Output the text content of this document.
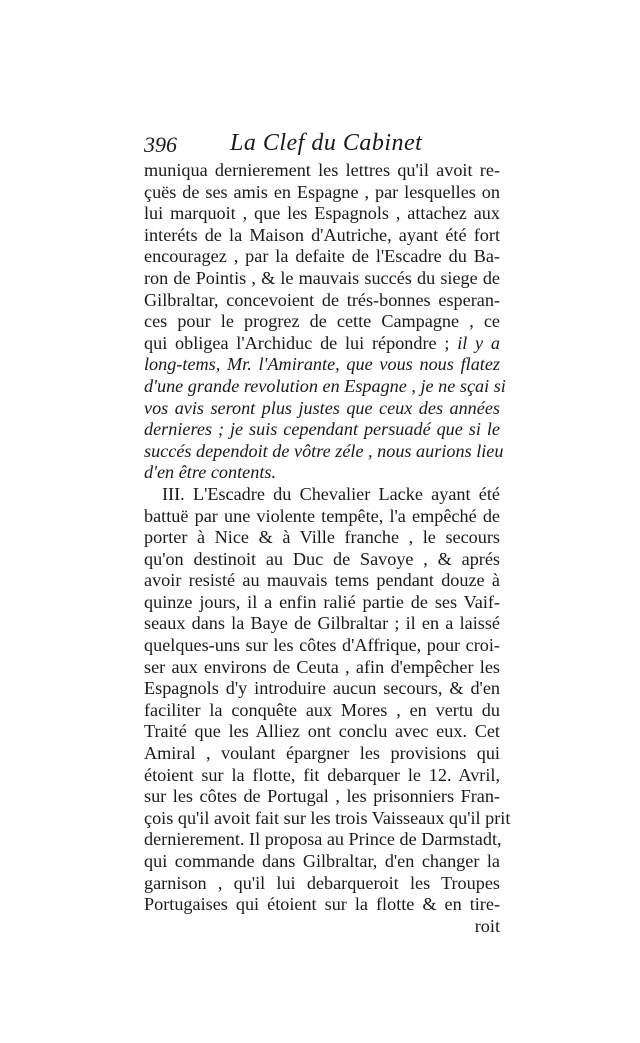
396 La Clef du Cabinet
muniqua dernierement les lettres qu'il avoit re-
çuës de ses amis en Espagne , par lesquelles on
lui marquoit , que les Espagnols , attachez aux
interéts de la Maison d'Autriche, ayant été fort
encouragez , par la defaite de l'Escadre du Ba-
ron de Pointis , & le mauvais succés du siege de
Gilbraltar, concevoient de trés-bonnes esperan-
ces pour le progrez de cette Campagne , ce
qui obligea l'Archiduc de lui répondre ; il y a
long-tems, Mr. l'Amirante, que vous nous flatez
d'une grande revolution en Espagne , je ne sçai si
vos avis seront plus justes que ceux des années
dernieres ; je suis cependant persuadé que si le
succés dependoit de vôtre zéle , nous aurions lieu
d'en être contents.
III. L'Escadre du Chevalier Lacke ayant été
battuë par une violente tempête, l'a empêché de
porter à Nice & à Ville franche , le secours
qu'on destinoit au Duc de Savoye , & aprés
avoir resisté au mauvais tems pendant douze à
quinze jours, il a enfin ralié partie de ses Vaif-
seaux dans la Baye de Gilbraltar ; il en a laissé
quelques-uns sur les côtes d'Affrique, pour croi-
ser aux environs de Ceuta , afin d'empêcher les
Espagnols d'y introduire aucun secours, & d'en
faciliter la conquête aux Mores , en vertu du
Traité que les Alliez ont conclu avec eux. Cet
Amiral , voulant épargner les provisions qui
étoient sur la flotte, fit debarquer le 12. Avril,
sur les côtes de Portugal , les prisonniers Fran-
çois qu'il avoit fait sur les trois Vaisseaux qu'il prit
dernierement. Il proposa au Prince de Darmstadt,
qui commande dans Gilbraltar, d'en changer la
garnison , qu'il lui debarqueroit les Troupes
Portugaises qui étoient sur la flotte & en tire-
roit
